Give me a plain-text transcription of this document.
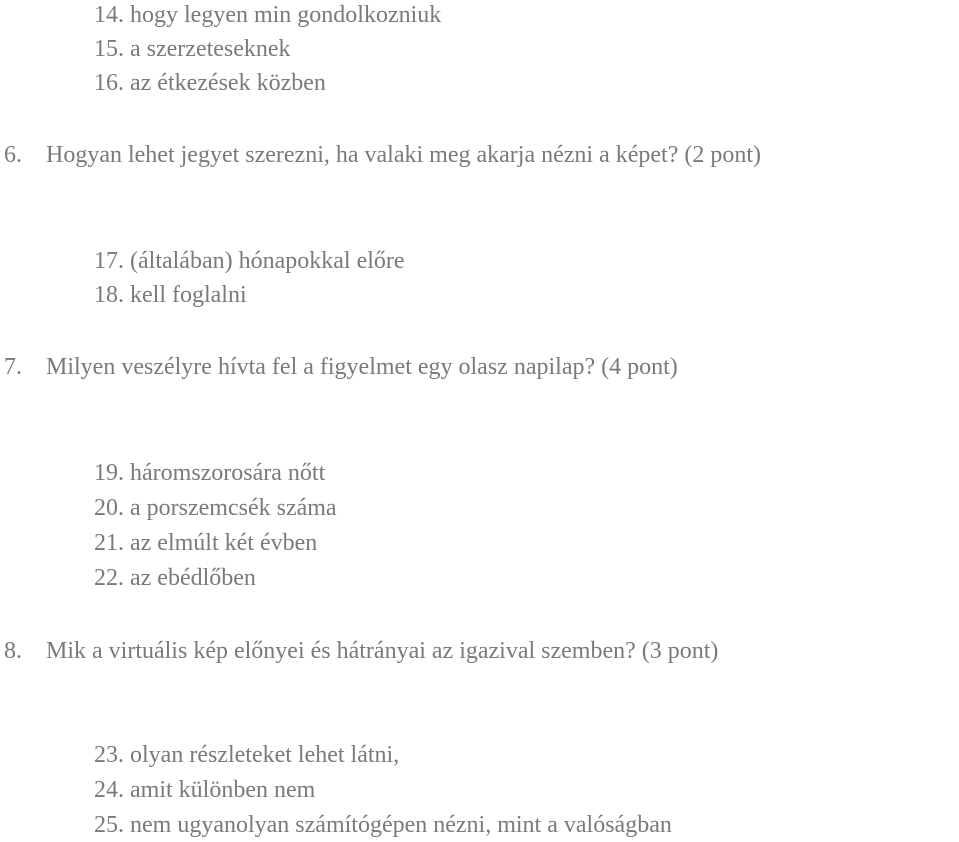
14. hogy legyen min gondolkozniuk

15. a szerzeteseknek

16. az étkezések közben

6. Hogyan lehet jegyet szerezni, ha valaki meg akarja nézni a képet? (2 pont)

17. (általában) hónapokkal előre

18. kell foglalni

7. Milyen veszélyre hívta fel a figyelmet egy olasz napilap? (4 pont)

19. háromszorosára nőtt

20. a porszemcsék száma

21. az elmúlt két évben

22. az ebédlőben

8. Mik a virtuális kép előnyei és hátrányai az igazival szemben? (3 pont)

23. olyan részleteket lehet látni,

24. amit különben nem

25. nem ugyanolyan számítógépen nézni, mint a valóságban
